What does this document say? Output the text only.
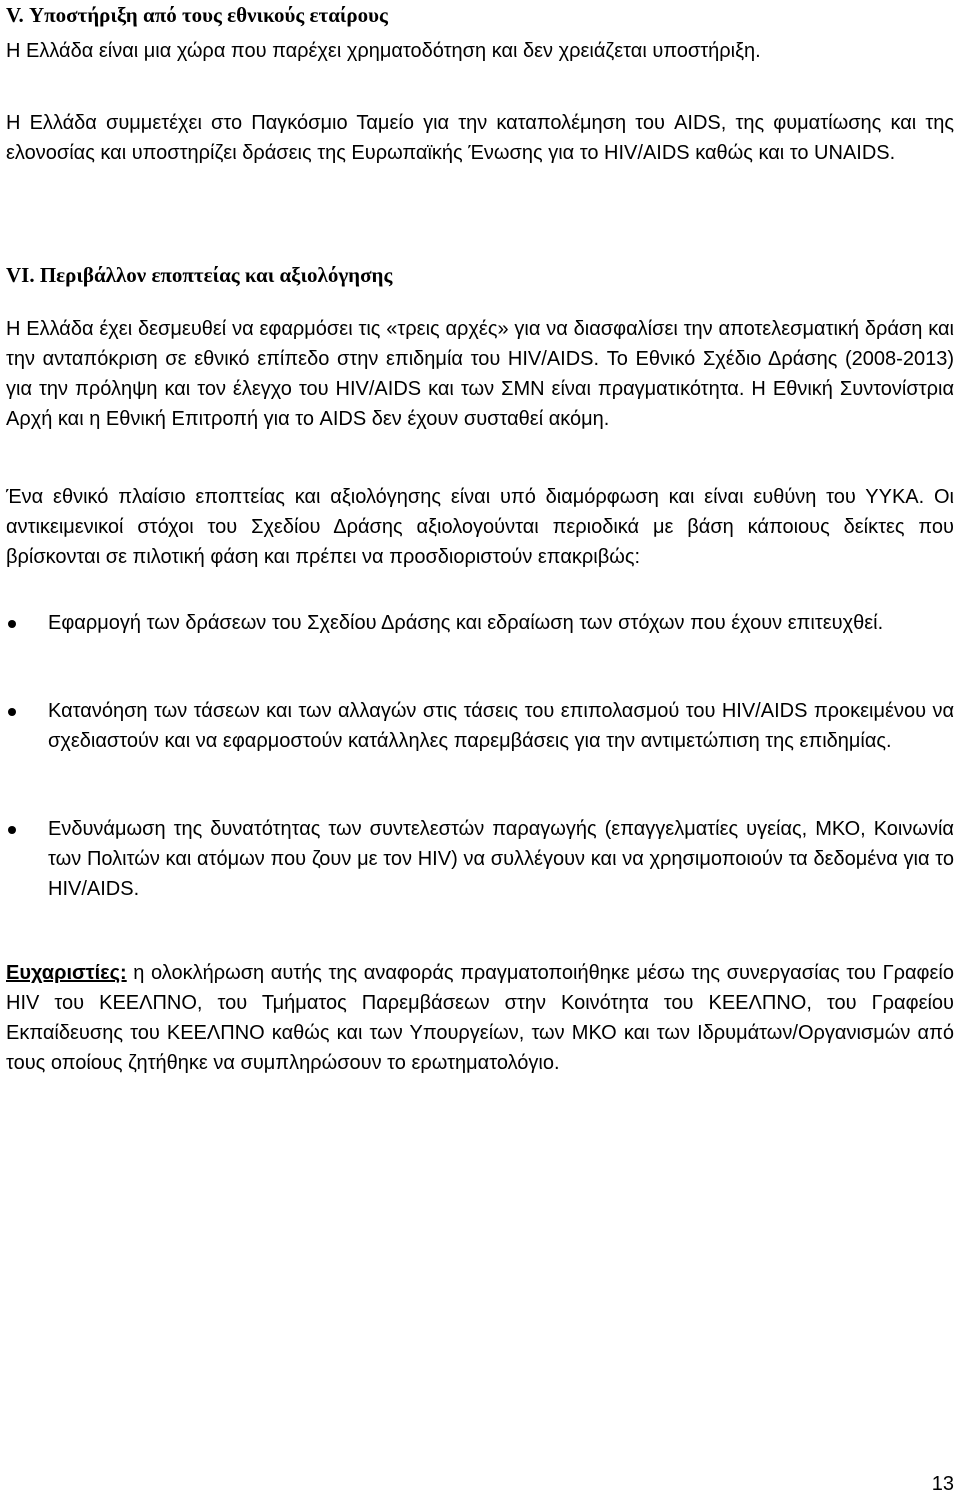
V. Υποστήριξη από τους εθνικούς εταίρους

Η Ελλάδα είναι μια χώρα που παρέχει χρηματοδότηση και δεν χρειάζεται υποστήριξη.

Η Ελλάδα συμμετέχει στο Παγκόσμιο Ταμείο για την καταπολέμηση του AIDS, της φυματίωσης και της ελονοσίας και υποστηρίζει δράσεις της Ευρωπαϊκής Ένωσης για το HIV/AIDS καθώς και το UNAIDS.

VI. Περιβάλλον εποπτείας και αξιολόγησης

Η Ελλάδα έχει δεσμευθεί να εφαρμόσει τις «τρεις αρχές» για να διασφαλίσει την αποτελεσματική δράση και την ανταπόκριση σε εθνικό επίπεδο στην επιδημία του HIV/AIDS. Το Εθνικό Σχέδιο Δράσης (2008-2013) για την πρόληψη και τον έλεγχο του HIV/AIDS και των ΣΜΝ είναι πραγματικότητα. Η Εθνική Συντονίστρια Αρχή και η Εθνική Επιτροπή για το AIDS δεν έχουν συσταθεί ακόμη.

Ένα εθνικό πλαίσιο εποπτείας και αξιολόγησης είναι υπό διαμόρφωση και είναι ευθύνη του ΥΥΚΑ. Οι αντικειμενικοί στόχοι του Σχεδίου Δράσης αξιολογούνται περιοδικά με βάση κάποιους δείκτες που βρίσκονται σε πιλοτική φάση και πρέπει να προσδιοριστούν επακριβώς:

Εφαρμογή των δράσεων του Σχεδίου Δράσης και εδραίωση των στόχων που έχουν επιτευχθεί.

Κατανόηση των τάσεων και των αλλαγών στις τάσεις του επιπολασμού του HIV/AIDS προκειμένου να σχεδιαστούν και να εφαρμοστούν κατάλληλες παρεμβάσεις για την αντιμετώπιση της επιδημίας.

Ενδυνάμωση της δυνατότητας των συντελεστών παραγωγής (επαγγελματίες υγείας, ΜΚΟ, Κοινωνία των Πολιτών και ατόμων που ζουν με τον HIV) να συλλέγουν και να χρησιμοποιούν τα δεδομένα για το HIV/AIDS.

Ευχαριστίες: η ολοκλήρωση αυτής της αναφοράς πραγματοποιήθηκε μέσω της συνεργασίας του Γραφείο HIV του ΚΕΕΛΠΝΟ, του Τμήματος Παρεμβάσεων στην Κοινότητα του ΚΕΕΛΠΝΟ, του Γραφείου Εκπαίδευσης του ΚΕΕΛΠΝΟ καθώς και των Υπουργείων, των ΜΚΟ και των Ιδρυμάτων/Οργανισμών από τους οποίους ζητήθηκε να συμπληρώσουν το ερωτηματολόγιο.

13
